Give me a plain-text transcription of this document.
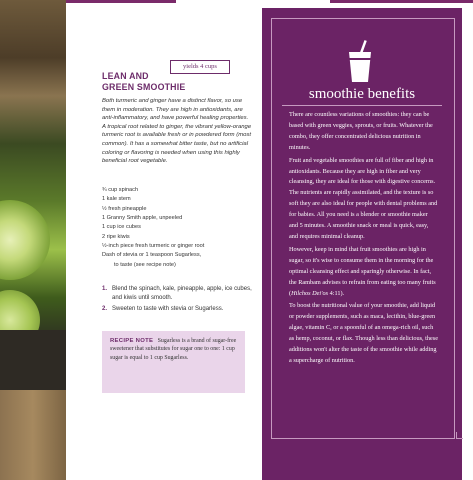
yields 4 cups
LEAN AND
GREEN SMOOTHIE
Both turmeric and ginger have a distinct flavor, so use them in moderation. They are high in antioxidants, are anti-inflammatory, and have powerful healing properties. A tropical root related to ginger, the vibrant yellow-orange turmeric root is available fresh or in powdered form (most common). It has a somewhat bitter taste, but no artificial coloring or flavoring is needed when using this highly beneficial root vegetable.
¾ cup spinach
1 kale stem
½ fresh pineapple
1 Granny Smith apple, unpeeled
1 cup ice cubes
2 ripe kiwis
½-inch piece fresh turmeric or ginger root
Dash of stevia or 1 teaspoon Sugarless,
to taste (see recipe note)
1. Blend the spinach, kale, pineapple, apple, ice cubes, and kiwis until smooth.
2. Sweeten to taste with stevia or Sugarless.
RECIPE NOTE Sugarless is a brand of sugar-free sweetener that substitutes for sugar one to one: 1 cup sugar is equal to 1 cup Sugarless.
smoothie benefits

There are countless variations of smoothies: they can be based with green veggies, sprouts, or fruits. Whatever the combo, they offer concentrated delicious nutrition in minutes.

Fruit and vegetable smoothies are full of fiber and high in antioxidants. Because they are high in fiber and very cleansing, they are ideal for those with digestive concerns. The nutrients are rapidly assimilated, and the texture is so soft they are also ideal for people with dental problems and for babies. All you need is a blender or smoothie maker and 5 minutes. A smoothie snack or meal is quick, easy, and requires minimal cleanup.

However, keep in mind that fruit smoothies are high in sugar, so it's wise to consume them in the morning for the optimal cleansing effect and sparingly otherwise. In fact, the Rambam advises to refrain from eating too many fruits (Hilchos Dei'os 4:11).

To boost the nutritional value of your smoothie, add liquid or powder supplements, such as maca, lecithin, blue-green algae, vitamin C, or a spoonful of an omega-rich oil, such as hemp, coconut, or flax. Though less than delicious, these additions won't alter the taste of the smoothie while adding a supercharge of nutrition.
